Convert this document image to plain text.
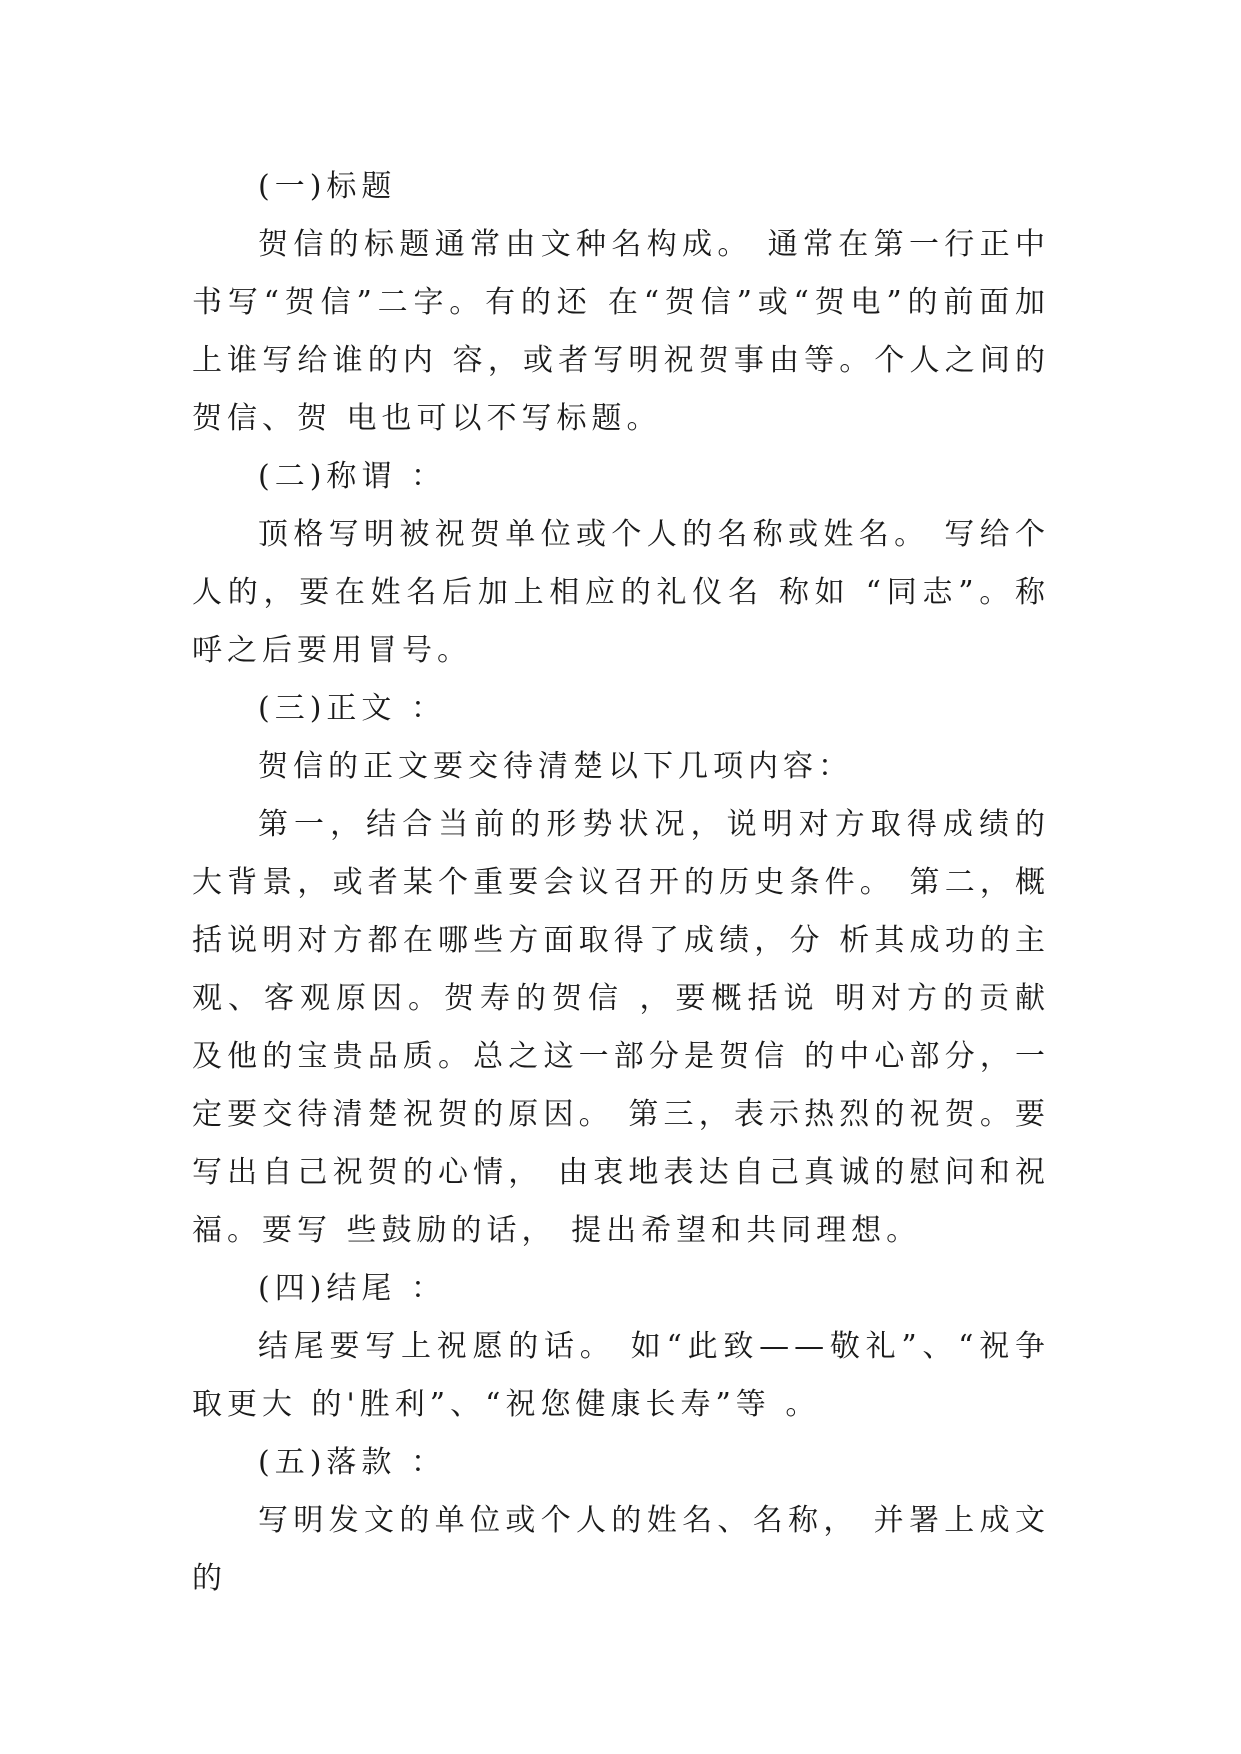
(一)标题

贺信的标题通常由文种名构成。 通常在第一行正中书写“贺信”二字。有的还 在“贺信”或“贺电”的前面加上谁写给谁的内 容，或者写明祝贺事由等。个人之间的贺信、贺 电也可以不写标题。

(二)称谓 ：

顶格写明被祝贺单位或个人的名称或姓名。 写给个人的，要在姓名后加上相应的礼仪名 称如 “同志”。称呼之后要用冒号。

(三)正文 ：

贺信的正文要交待清楚以下几项内容：

第一，结合当前的形势状况，说明对方取得成绩的 大背景，或者某个重要会议召开的历史条件。 第二，概括说明对方都在哪些方面取得了成绩，分 析其成功的主观、客观原因。贺寿的贺信 ，要概括说 明对方的贡献及他的宝贵品质。总之这一部分是贺信 的中心部分，一定要交待清楚祝贺的原因。 第三，表示热烈的祝贺。要写出自己祝贺的心情， 由衷地表达自己真诚的慰问和祝福。要写 些鼓励的话， 提出希望和共同理想。

(四)结尾 ：

结尾要写上祝愿的话。 如“此致——敬礼”、“祝争取更大 的'胜利”、“祝您健康长寿”等 。

(五)落款 ：

写明发文的单位或个人的姓名、名称， 并署上成文的
